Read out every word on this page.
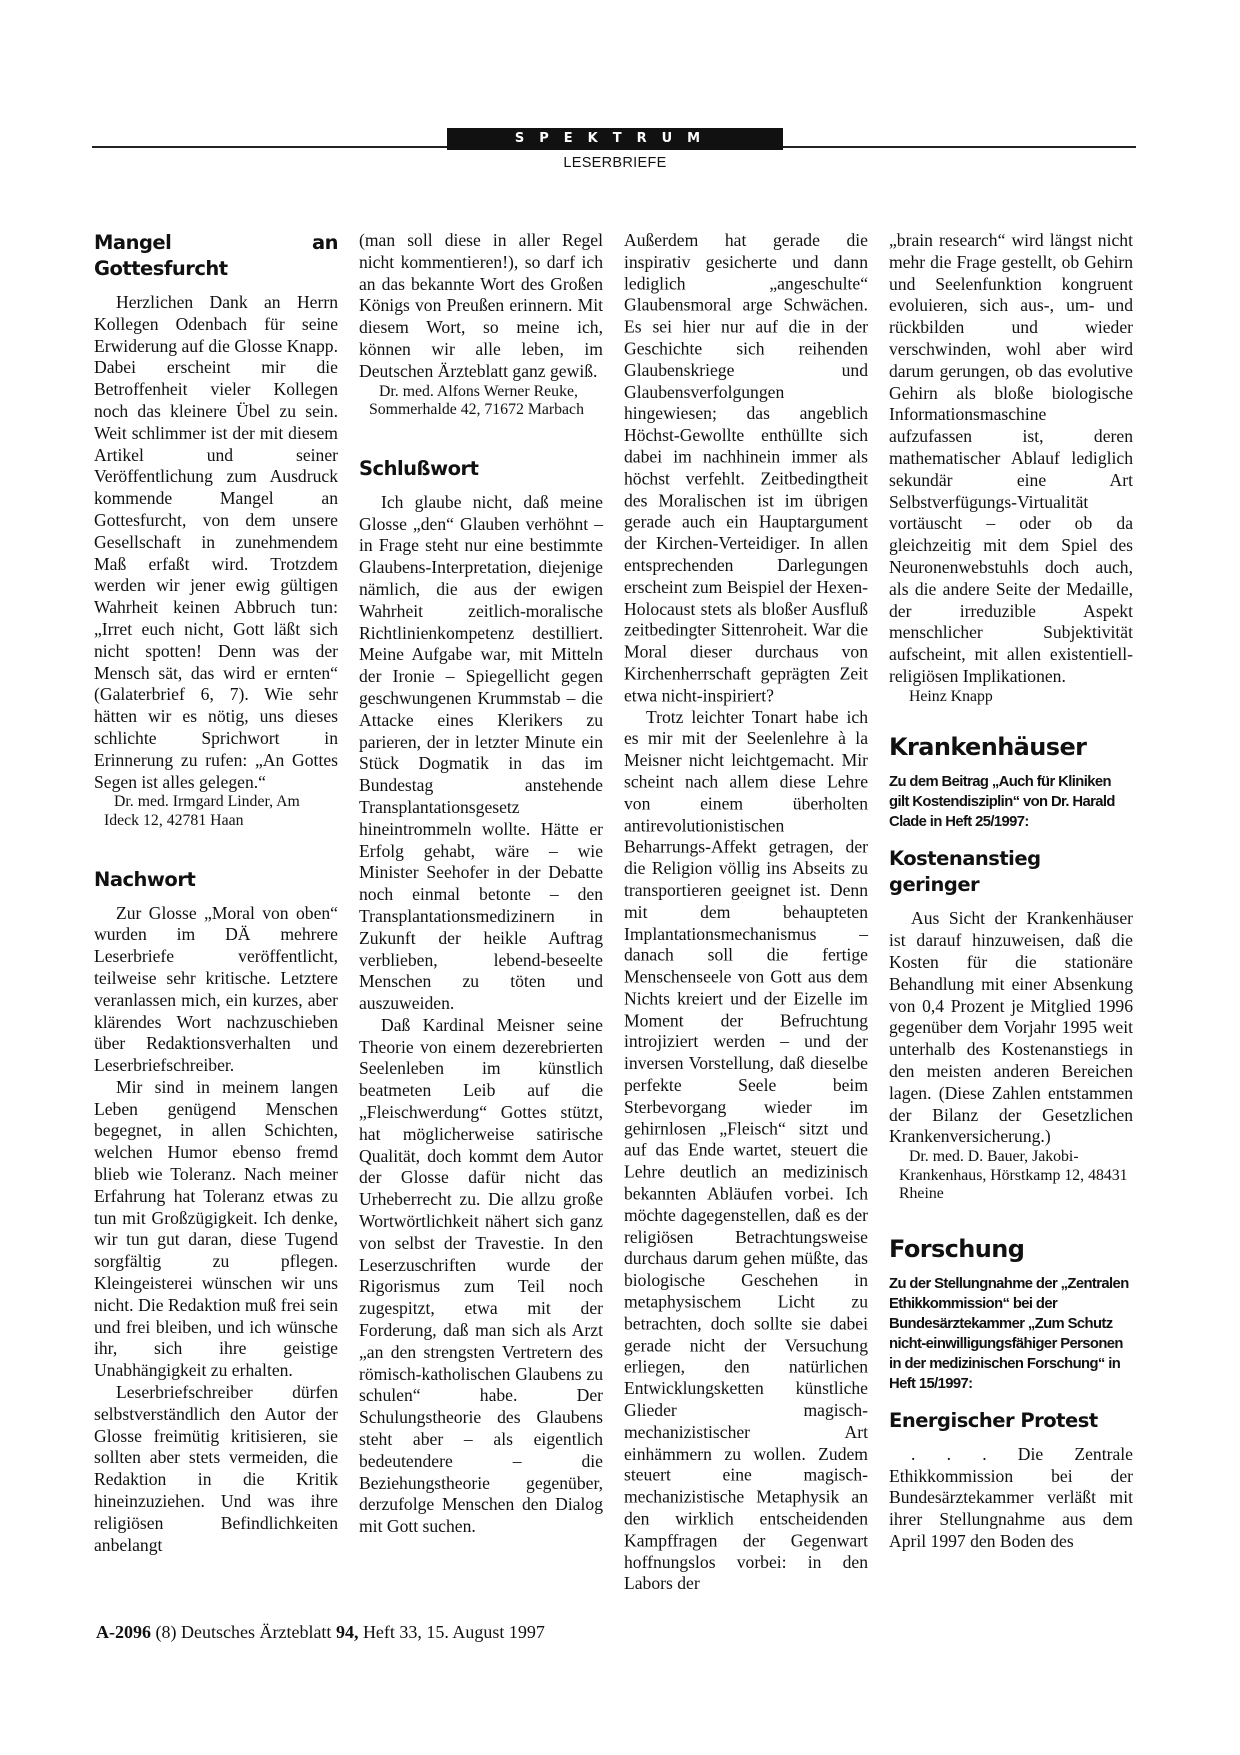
SPEKTRUM
LESERBRIEFE
Mangel an Gottesfurcht

Herzlichen Dank an Herrn Kollegen Odenbach für seine Erwiderung auf die Glosse Knapp. Dabei erscheint mir die Betroffenheit vieler Kollegen noch das kleinere Übel zu sein. Weit schlimmer ist der mit diesem Artikel und seiner Veröffentlichung zum Ausdruck kommende Mangel an Gottesfurcht, von dem unsere Gesellschaft in zunehmendem Maß erfaßt wird. Trotzdem werden wir jener ewig gültigen Wahrheit keinen Abbruch tun: „Irret euch nicht, Gott läßt sich nicht spotten! Denn was der Mensch sät, das wird er ernten“ (Galaterbrief 6, 7). Wie sehr hätten wir es nötig, uns dieses schlichte Sprichwort in Erinnerung zu rufen: „An Gottes Segen ist alles gelegen.“

Dr. med. Irmgard Linder, Am Ideck 12, 42781 Haan

Nachwort

Zur Glosse „Moral von oben“ wurden im DÄ mehrere Leserbriefe veröffentlicht, teilweise sehr kritische. Letztere veranlassen mich, ein kurzes, aber klärendes Wort nachzuschieben über Redaktionsverhalten und Leserbriefschreiber.

Mir sind in meinem langen Leben genügend Menschen begegnet, in allen Schichten, welchen Humor ebenso fremd blieb wie Toleranz. Nach meiner Erfahrung hat Toleranz etwas zu tun mit Großzügigkeit. Ich denke, wir tun gut daran, diese Tugend sorgfältig zu pflegen. Kleingeisterei wünschen wir uns nicht. Die Redaktion muß frei sein und frei bleiben, und ich wünsche ihr, sich ihre geistige Unabhängigkeit zu erhalten.

Leserbriefschreiber dürfen selbstverständlich den Autor der Glosse freimütig kritisieren, sie sollten aber stets vermeiden, die Redaktion in die Kritik hineinzuziehen. Und was ihre religiösen Befindlichkeiten anbelangt

(man soll diese in aller Regel nicht kommentieren!), so darf ich an das bekannte Wort des Großen Königs von Preußen erinnern. Mit diesem Wort, so meine ich, können wir alle leben, im Deutschen Ärzteblatt ganz gewiß.

Dr. med. Alfons Werner Reuke, Sommerhalde 42, 71672 Marbach

Schlußwort

Ich glaube nicht, daß meine Glosse „den“ Glauben verhöhnt – in Frage steht nur eine bestimmte Glaubens-Interpretation, diejenige nämlich, die aus der ewigen Wahrheit zeitlich-moralische Richtlinienkompetenz destilliert. Meine Aufgabe war, mit Mitteln der Ironie – Spiegellicht gegen geschwungenen Krummstab – die Attacke eines Klerikers zu parieren, der in letzter Minute ein Stück Dogmatik in das im Bundestag anstehende Transplantationsgesetz hineintrommeln wollte. Hätte er Erfolg gehabt, wäre – wie Minister Seehofer in der Debatte noch einmal betonte – den Transplantationsmedizinern in Zukunft der heikle Auftrag verblieben, lebend-beseelte Menschen zu töten und auszuweiden.

Daß Kardinal Meisner seine Theorie von einem dezerebrierten Seelenleben im künstlich beatmeten Leib auf die „Fleischwerdung“ Gottes stützt, hat möglicherweise satirische Qualität, doch kommt dem Autor der Glosse dafür nicht das Urheberrecht zu. Die allzu große Wortwörtlichkeit nähert sich ganz von selbst der Travestie. In den Leserzuschriften wurde der Rigorismus zum Teil noch zugespitzt, etwa mit der Forderung, daß man sich als Arzt „an den strengsten Vertretern des römisch-katholischen Glaubens zu schulen“ habe. Der Schulungstheorie des Glaubens steht aber – als eigentlich bedeutendere – die Beziehungstheorie gegenüber, derzufolge Menschen den Dialog mit Gott suchen.

Außerdem hat gerade die inspirativ gesicherte und dann lediglich „angeschulte“ Glaubensmoral arge Schwächen. Es sei hier nur auf die in der Geschichte sich reihenden Glaubenskriege und Glaubensverfolgungen hingewiesen; das angeblich Höchst-Gewollte enthüllte sich dabei im nachhinein immer als höchst verfehlt. Zeitbedingtheit des Moralischen ist im übrigen gerade auch ein Hauptargument der Kirchen-Verteidiger. In allen entsprechenden Darlegungen erscheint zum Beispiel der Hexen-Holocaust stets als bloßer Ausfluß zeitbedingter Sittenroheit. War die Moral dieser durchaus von Kirchenherrschaft geprägten Zeit etwa nicht-inspiriert?

Trotz leichter Tonart habe ich es mir mit der Seelenlehre à la Meisner nicht leichtgemacht. Mir scheint nach allem diese Lehre von einem überholten antirevolutionistischen Beharrungs-Affekt getragen, der die Religion völlig ins Abseits zu transportieren geeignet ist. Denn mit dem behaupteten Implantationsmechanismus – danach soll die fertige Menschenseele von Gott aus dem Nichts kreiert und der Eizelle im Moment der Befruchtung introjiziert werden – und der inversen Vorstellung, daß dieselbe perfekte Seele beim Sterbevorgang wieder im gehirnlosen „Fleisch“ sitzt und auf das Ende wartet, steuert die Lehre deutlich an medizinisch bekannten Abläufen vorbei. Ich möchte dagegenstellen, daß es der religiösen Betrachtungsweise durchaus darum gehen müßte, das biologische Geschehen in metaphysischem Licht zu betrachten, doch sollte sie dabei gerade nicht der Versuchung erliegen, den natürlichen Entwicklungsketten künstliche Glieder magisch-mechanizistischer Art einhämmern zu wollen. Zudem steuert eine magisch-mechanizistische Metaphysik an den wirklich entscheidenden Kampffragen der Gegenwart hoffnungslos vorbei: in den Labors der

„brain research“ wird längst nicht mehr die Frage gestellt, ob Gehirn und Seelenfunktion kongruent evoluieren, sich aus-, um- und rückbilden und wieder verschwinden, wohl aber wird darum gerungen, ob das evolutive Gehirn als bloße biologische Informationsmaschine aufzufassen ist, deren mathematischer Ablauf lediglich sekundär eine Art Selbstverfügungs-Virtualität vortäuscht – oder ob da gleichzeitig mit dem Spiel des Neuronenwebstuhls doch auch, als die andere Seite der Medaille, der irreduzible Aspekt menschlicher Subjektivität aufscheint, mit allen existentiell-religiösen Implikationen.

Heinz Knapp

Krankenhäuser
Zu dem Beitrag „Auch für Kliniken gilt Kostendisziplin“ von Dr. Harald Clade in Heft 25/1997:
Kostenanstieg geringer

Aus Sicht der Krankenhäuser ist darauf hinzuweisen, daß die Kosten für die stationäre Behandlung mit einer Absenkung von 0,4 Prozent je Mitglied 1996 gegenüber dem Vorjahr 1995 weit unterhalb des Kostenanstiegs in den meisten anderen Bereichen lagen. (Diese Zahlen entstammen der Bilanz der Gesetzlichen Krankenversicherung.)

Dr. med. D. Bauer, Jakobi-Krankenhaus, Hörstkamp 12, 48431 Rheine

Forschung
Zu der Stellungnahme der „Zentralen Ethikkommission“ bei der Bundesärztekammer „Zum Schutz nicht-einwilligungsfähiger Personen in der medizinischen Forschung“ in Heft 15/1997:
Energischer Protest

. . . Die Zentrale Ethikkommission bei der Bundesärztekammer verläßt mit ihrer Stellungnahme aus dem April 1997 den Boden des

A-2096 (8) Deutsches Ärzteblatt 94, Heft 33, 15. August 1997
